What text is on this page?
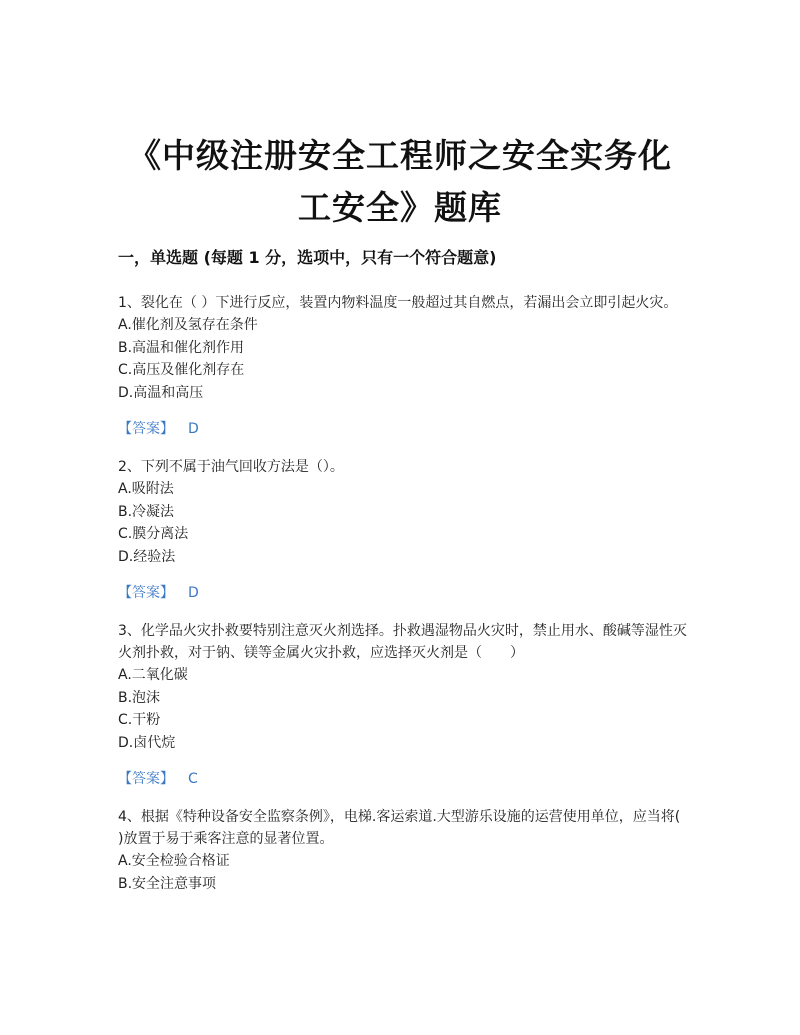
《中级注册安全工程师之安全实务化
工安全》题库
一，单选题 (每题 1 分，选项中，只有一个符合题意)

1、裂化在（ ）下进行反应，装置内物料温度一般超过其自燃点，若漏出会立即引起火灾。

A.催化剂及氢存在条件
B.高温和催化剂作用
C.高压及催化剂存在
D.高温和高压
【答案】 D

2、下列不属于油气回收方法是（）。

A.吸附法
B.冷凝法
C.膜分离法
D.经验法
【答案】 D

3、化学品火灾扑救要特别注意灭火剂选择。扑救遇湿物品火灾时，禁止用水、酸碱等湿性灭火剂扑救，对于钠、镁等金属火灾扑救，应选择灭火剂是（　　）

A.二氧化碳
B.泡沫
C.干粉
D.卤代烷
【答案】 C

4、根据《特种设备安全监察条例》，电梯.客运索道.大型游乐设施的运营使用单位，应当将( )放置于易于乘客注意的显著位置。

A.安全检验合格证
B.安全注意事项
